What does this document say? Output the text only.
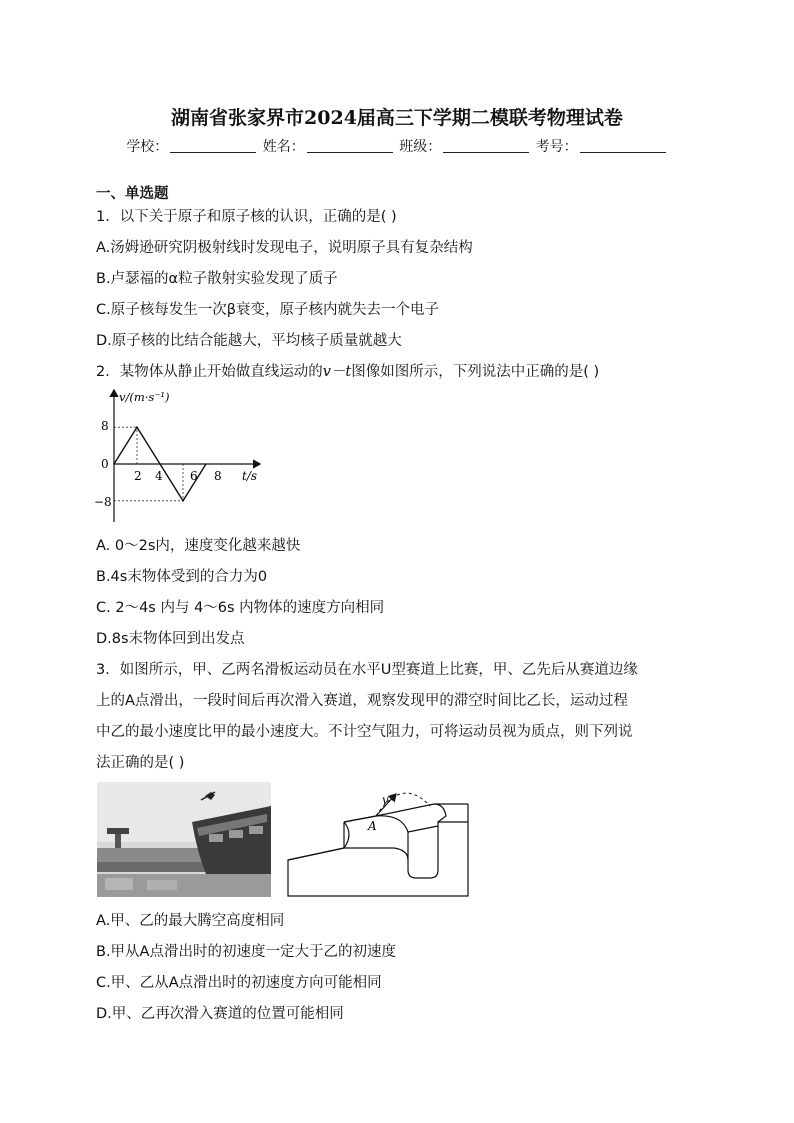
湖南省张家界市2024届高三下学期二模联考物理试卷
学校：	姓名：	班级：	考号：
一、单选题
1．以下关于原子和原子核的认识，正确的是( )
A.汤姆逊研究阴极射线时发现电子，说明原子具有复杂结构
B.卢瑟福的α粒子散射实验发现了质子
C.原子核每发生一次β衰变，原子核内就失去一个电子
D.原子核的比结合能越大，平均核子质量就越大
2．某物体从静止开始做直线运动的v－t图像如图所示，下列说法中正确的是( )
v/(m·s⁻¹)
t/s
0
8
−8
2 4 6 8
A. 0～2s内，速度变化越来越快
B.4s末物体受到的合力为0
C. 2～4s 内与 4～6s 内物体的速度方向相同
D.8s末物体回到出发点
3．如图所示，甲、乙两名滑板运动员在水平U型赛道上比赛，甲、乙先后从赛道边缘
上的A点滑出，一段时间后再次滑入赛道，观察发现甲的滞空时间比乙长，运动过程
中乙的最小速度比甲的最小速度大。不计空气阻力，可将运动员视为质点，则下列说
法正确的是( )
v
A
A.甲、乙的最大腾空高度相同
B.甲从A点滑出时的初速度一定大于乙的初速度
C.甲、乙从A点滑出时的初速度方向可能相同
D.甲、乙再次滑入赛道的位置可能相同
